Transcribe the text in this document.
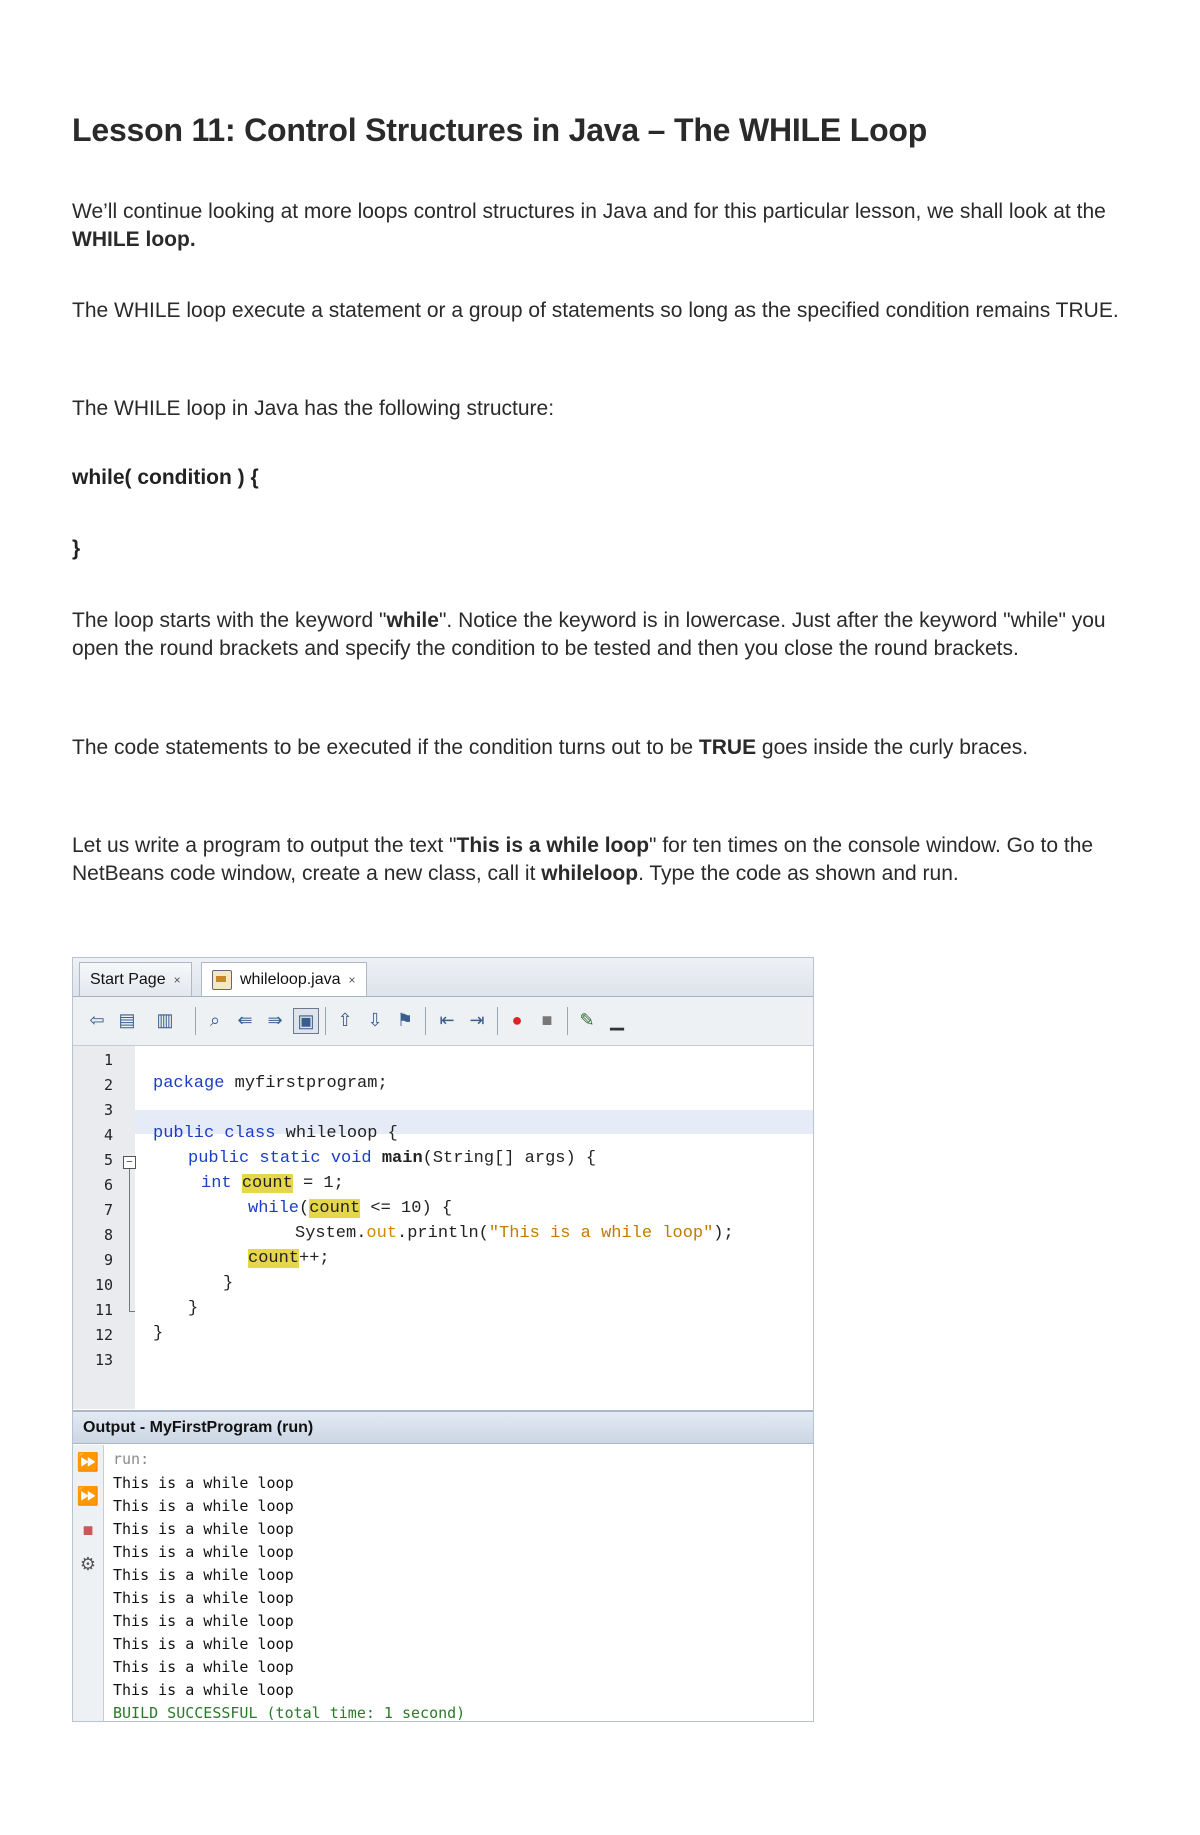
Lesson 11: Control Structures in Java – The WHILE Loop

We’ll continue looking at more loops control structures in Java and for this particular lesson, we shall look at the WHILE loop.

The WHILE loop execute a statement or a group of statements so long as the specified condition remains TRUE.

The WHILE loop in Java has the following structure:

while( condition ) {

}

The loop starts with the keyword "while". Notice the keyword is in lowercase. Just after the keyword "while" you open the round brackets and specify the condition to be tested and then you close the round brackets.

The code statements to be executed if the condition turns out to be TRUE goes inside the curly braces.

Let us write a program to output the text "This is a while loop" for ten times on the console window. Go to the NetBeans code window, create a new class, call it whileloop. Type the code as shown and run.

Start Page ×	whileloop.java ×
⇦ ▤ ▥	⌕ ⇚ ⇛ ▣ ⇧ ⇩ ⚑ ⇤ ⇥	●	■	✎ ▁
1
2
3
4
5
6
7
8
9
10
11
12
13
−
package myfirstprogram;
public class whileloop {
public static void main(String[] args) {
int count = 1;
while(count <= 10) {
System.out.println("This is a while loop");
count++;
}
}
}
Output - MyFirstProgram (run)
⏩
⏩
■
⚙
run:
This is a while loop
This is a while loop
This is a while loop
This is a while loop
This is a while loop
This is a while loop
This is a while loop
This is a while loop
This is a while loop
This is a while loop
BUILD SUCCESSFUL (total time: 1 second)
